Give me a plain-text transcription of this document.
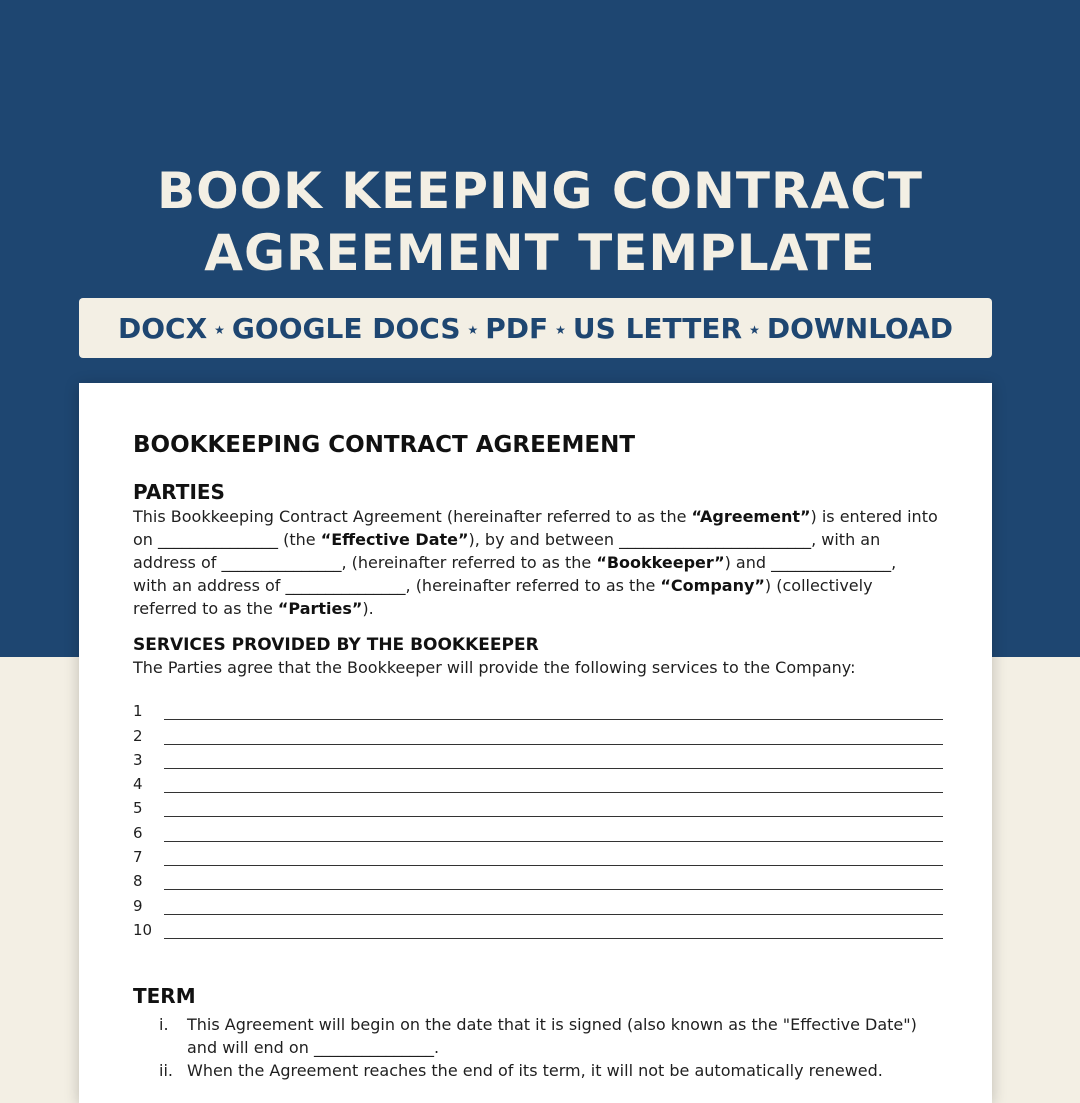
BOOK KEEPING CONTRACT
AGREEMENT TEMPLATE
DOCX ★ GOOGLE DOCS ★ PDF ★ US LETTER ★ DOWNLOAD
BOOKKEEPING CONTRACT AGREEMENT
PARTIES
This Bookkeeping Contract Agreement (hereinafter referred to as the “Agreement”) is entered into
on _______________ (the “Effective Date”), by and between ________________________, with an
address of _______________, (hereinafter referred to as the “Bookkeeper”) and _______________,
with an address of _______________, (hereinafter referred to as the “Company”) (collectively
referred to as the “Parties”).
SERVICES PROVIDED BY THE BOOKKEEPER
The Parties agree that the Bookkeeper will provide the following services to the Company:
1
2
3
4
5
6
7
8
9
10
TERM
i.	This Agreement will begin on the date that it is signed (also known as the "Effective Date")
and will end on _______________.
ii. When the Agreement reaches the end of its term, it will not be automatically renewed.
